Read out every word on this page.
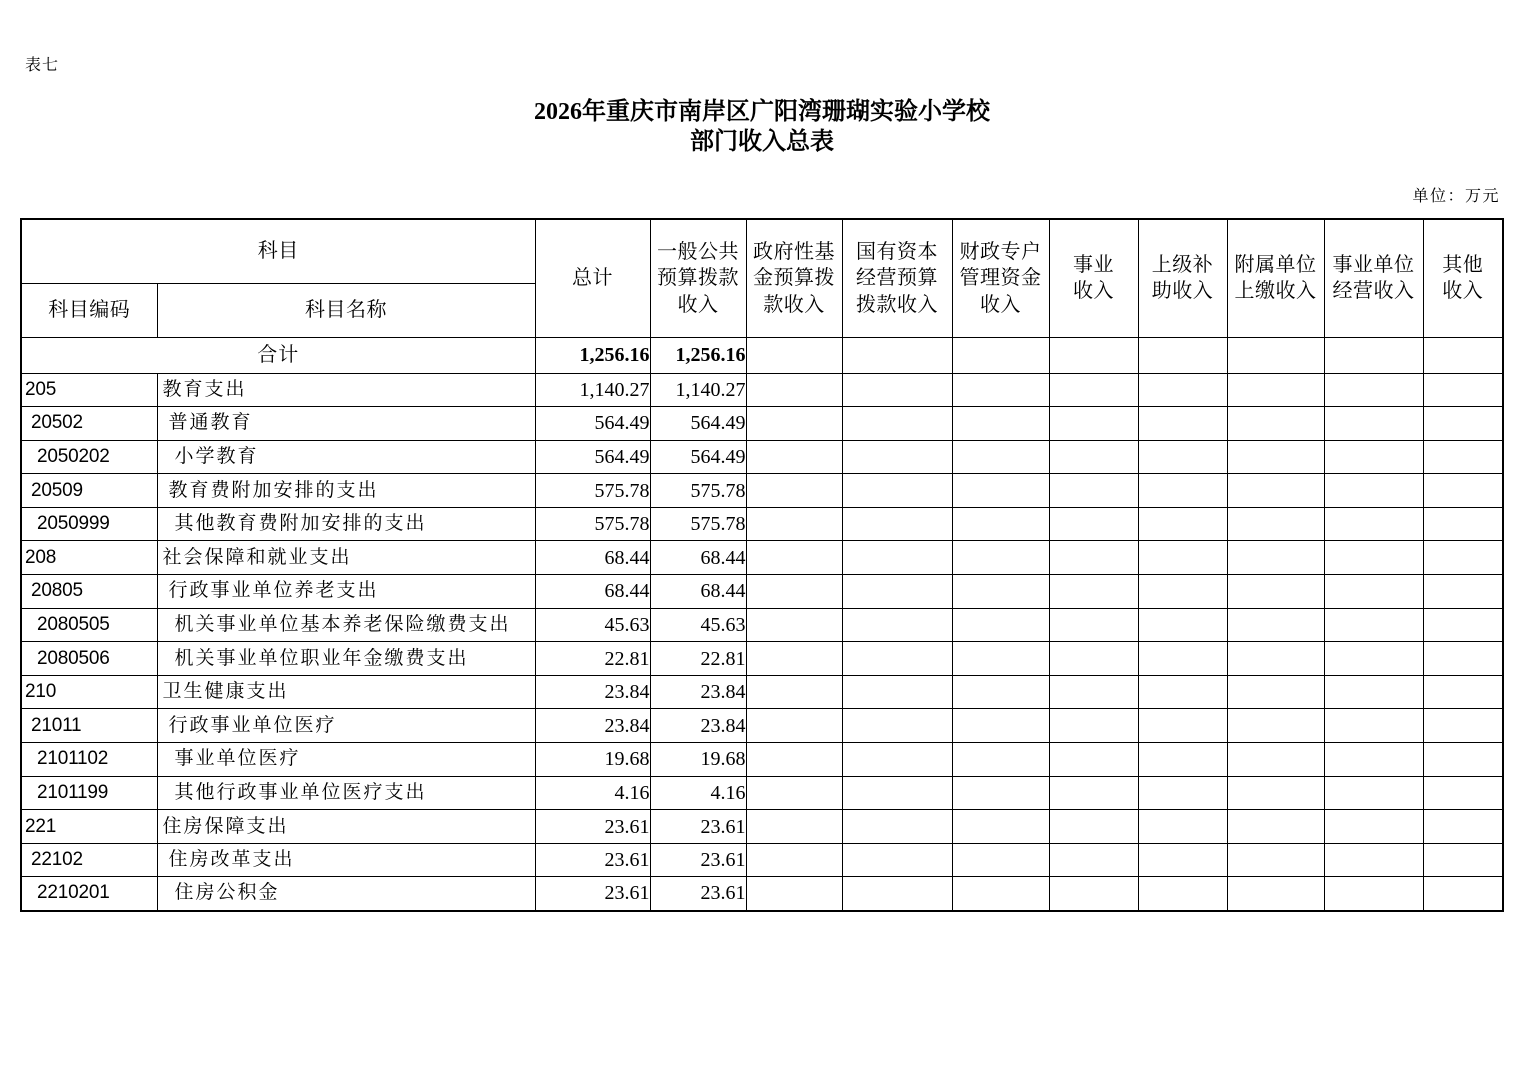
表七
2026年重庆市南岸区广阳湾珊瑚实验小学校
部门收入总表
单位：万元
科目		总计	一般公共预算拨款收入	政府性基金预算拨款收入	国有资本经营预算拨款收入	财政专户管理资金收入	事业收入	上级补助收入	附属单位上缴收入	事业单位经营收入	其他收入

科目编码	科目名称										
合计		1,256.16	1,256.16								
205	教育支出	1,140.27	1,140.27								
20502	普通教育	564.49	564.49								
2050202	小学教育	564.49	564.49								
20509	教育费附加安排的支出	575.78	575.78								
2050999	其他教育费附加安排的支出	575.78	575.78								
208	社会保障和就业支出	68.44	68.44								
20805	行政事业单位养老支出	68.44	68.44								
2080505	机关事业单位基本养老保险缴费支出	45.63	45.63								
2080506	机关事业单位职业年金缴费支出	22.81	22.81								
210	卫生健康支出	23.84	23.84								
21011	行政事业单位医疗	23.84	23.84								
2101102	事业单位医疗	19.68	19.68								
2101199	其他行政事业单位医疗支出	4.16	4.16								
221	住房保障支出	23.61	23.61								
22102	住房改革支出	23.61	23.61								
2210201	住房公积金	23.61	23.61								
